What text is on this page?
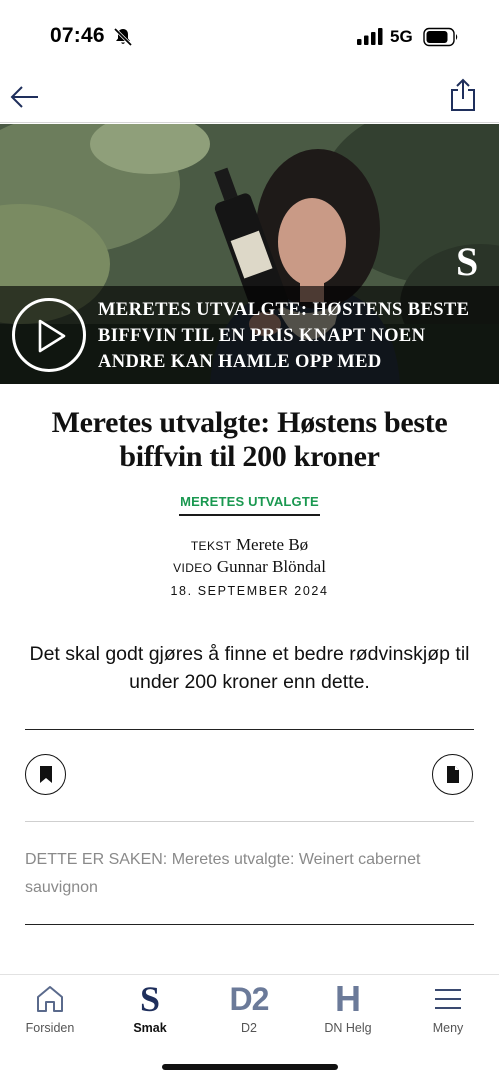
07:46	5G
S
MERETES UTVALGTE: HØSTENS BESTE BIFFVIN TIL EN PRIS KNAPT NOEN ANDRE KAN HAMLE OPP MED
Meretes utvalgte: Høstens beste biffvin til 200 kroner
MERETES UTVALGTE
TEKST Merete Bø
VIDEO Gunnar Blöndal
18. SEPTEMBER 2024

Det skal godt gjøres å finne et bedre rødvinskjøp til under 200 kroner enn dette.

DETTE ER SAKEN: Meretes utvalgte: Weinert cabernet sauvignon

Forsiden
S
Smak
D2
D2
H
DN Helg	Meny
